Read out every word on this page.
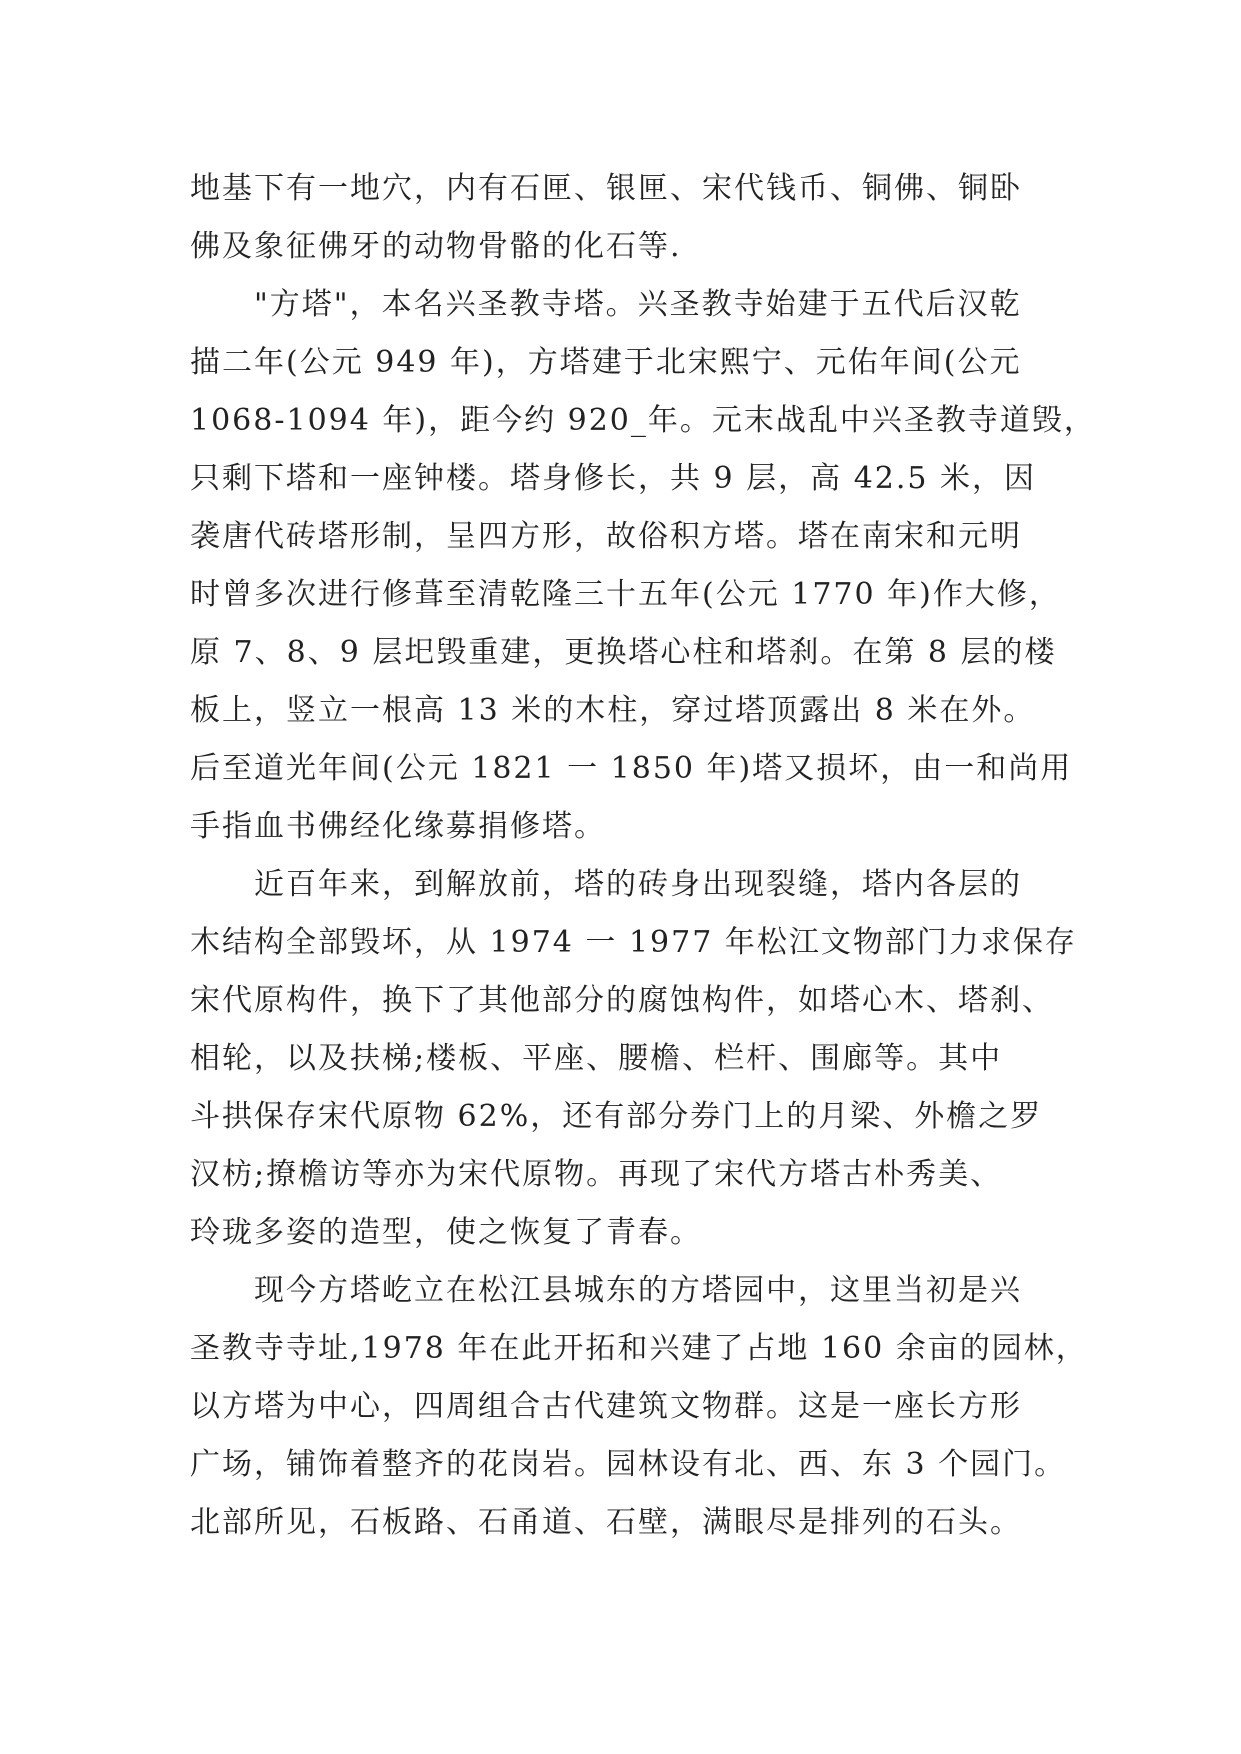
地基下有一地穴，内有石匣、银匣、宋代钱币、铜佛、铜卧

佛及象征佛牙的动物骨骼的化石等.

　　"方塔"，本名兴圣教寺塔。兴圣教寺始建于五代后汉乾

描二年(公元 949 年)，方塔建于北宋熙宁、元佑年间(公元

1068-1094 年)，距今约 920_年。元末战乱中兴圣教寺道毁，

只剩下塔和一座钟楼。塔身修长，共 9 层，高 42.5 米，因

袭唐代砖塔形制，呈四方形，故俗积方塔。塔在南宋和元明

时曾多次进行修葺至清乾隆三十五年(公元 1770 年)作大修，

原 7、8、9 层圯毁重建，更换塔心柱和塔刹。在第 8 层的楼

板上，竖立一根高 13 米的木柱，穿过塔顶露出 8 米在外。

后至道光年间(公元 1821 一 1850 年)塔又损坏，由一和尚用

手指血书佛经化缘募捐修塔。

　　近百年来，到解放前，塔的砖身出现裂缝，塔内各层的

木结构全部毁坏，从 1974 一 1977 年松江文物部门力求保存

宋代原构件，换下了其他部分的腐蚀构件，如塔心木、塔刹、

相轮，以及扶梯;楼板、平座、腰檐、栏杆、围廊等。其中

斗拱保存宋代原物 62%，还有部分券门上的月梁、外檐之罗

汉枋;撩檐访等亦为宋代原物。再现了宋代方塔古朴秀美、

玲珑多姿的造型，使之恢复了青春。

　　现今方塔屹立在松江县城东的方塔园中，这里当初是兴

圣教寺寺址,1978 年在此开拓和兴建了占地 160 余亩的园林，

以方塔为中心，四周组合古代建筑文物群。这是一座长方形

广场，铺饰着整齐的花岗岩。园林设有北、西、东 3 个园门。

北部所见，石板路、石甬道、石壁，满眼尽是排列的石头。
